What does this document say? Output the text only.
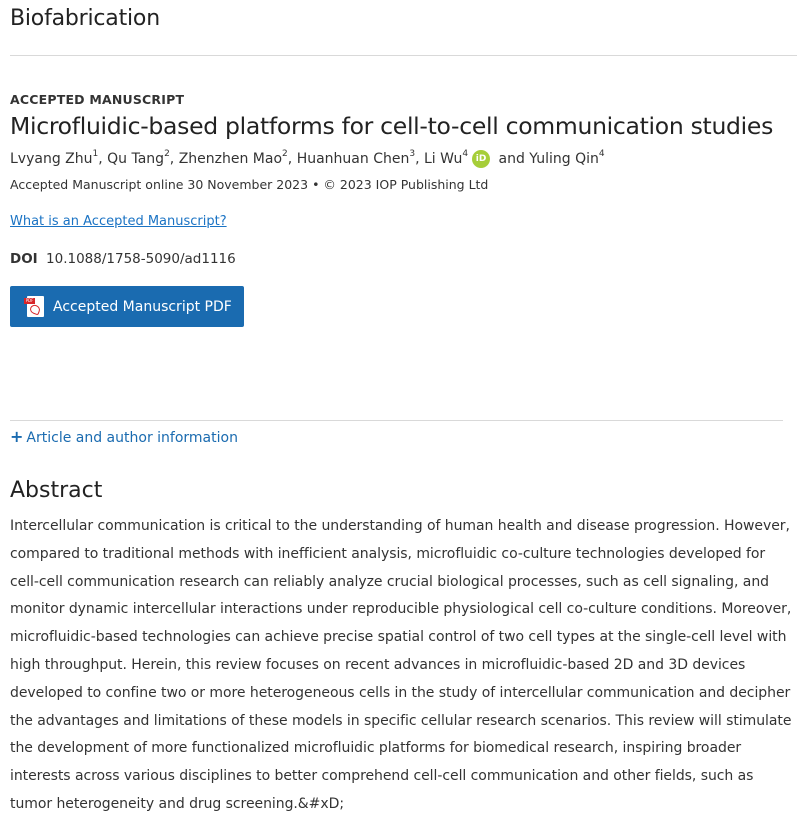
Biofabrication
ACCEPTED MANUSCRIPT
Microfluidic-based platforms for cell-to-cell communication studies
Lvyang Zhu$^1$ , Qu Tang$^2$ , Zhenzhen Mao$^2$ , Huanhuan Chen$^3$ , Li Wu$^4$ iD
and Yuling Qin$^4$
Accepted Manuscript online 30 November 2023 • © 2023 IOP Publishing Ltd
What is an Accepted Manuscript?
DOI 10.1088/1758-5090/ad1116
PDF Accepted Manuscript PDF
+ Article and author information
Abstract
Intercellular communication is critical to the understanding of human health and disease progression. However, compared to traditional methods with inefficient analysis, microfluidic co-culture technologies developed for cell-cell communication research can reliably analyze crucial biological processes, such as cell signaling, and monitor dynamic intercellular interactions under reproducible physiological cell co-culture conditions. Moreover, microfluidic-based technologies can achieve precise spatial control of two cell types at the single-cell level with high throughput. Herein, this review focuses on recent advances in microfluidic-based 2D and 3D devices developed to confine two or more heterogeneous cells in the study of intercellular communication and decipher the advantages and limitations of these models in specific cellular research scenarios. This review will stimulate the development of more functionalized microfluidic platforms for biomedical research, inspiring broader interests across various disciplines to better comprehend cell-cell communication and other fields, such as tumor heterogeneity and drug screening.&#xD;
